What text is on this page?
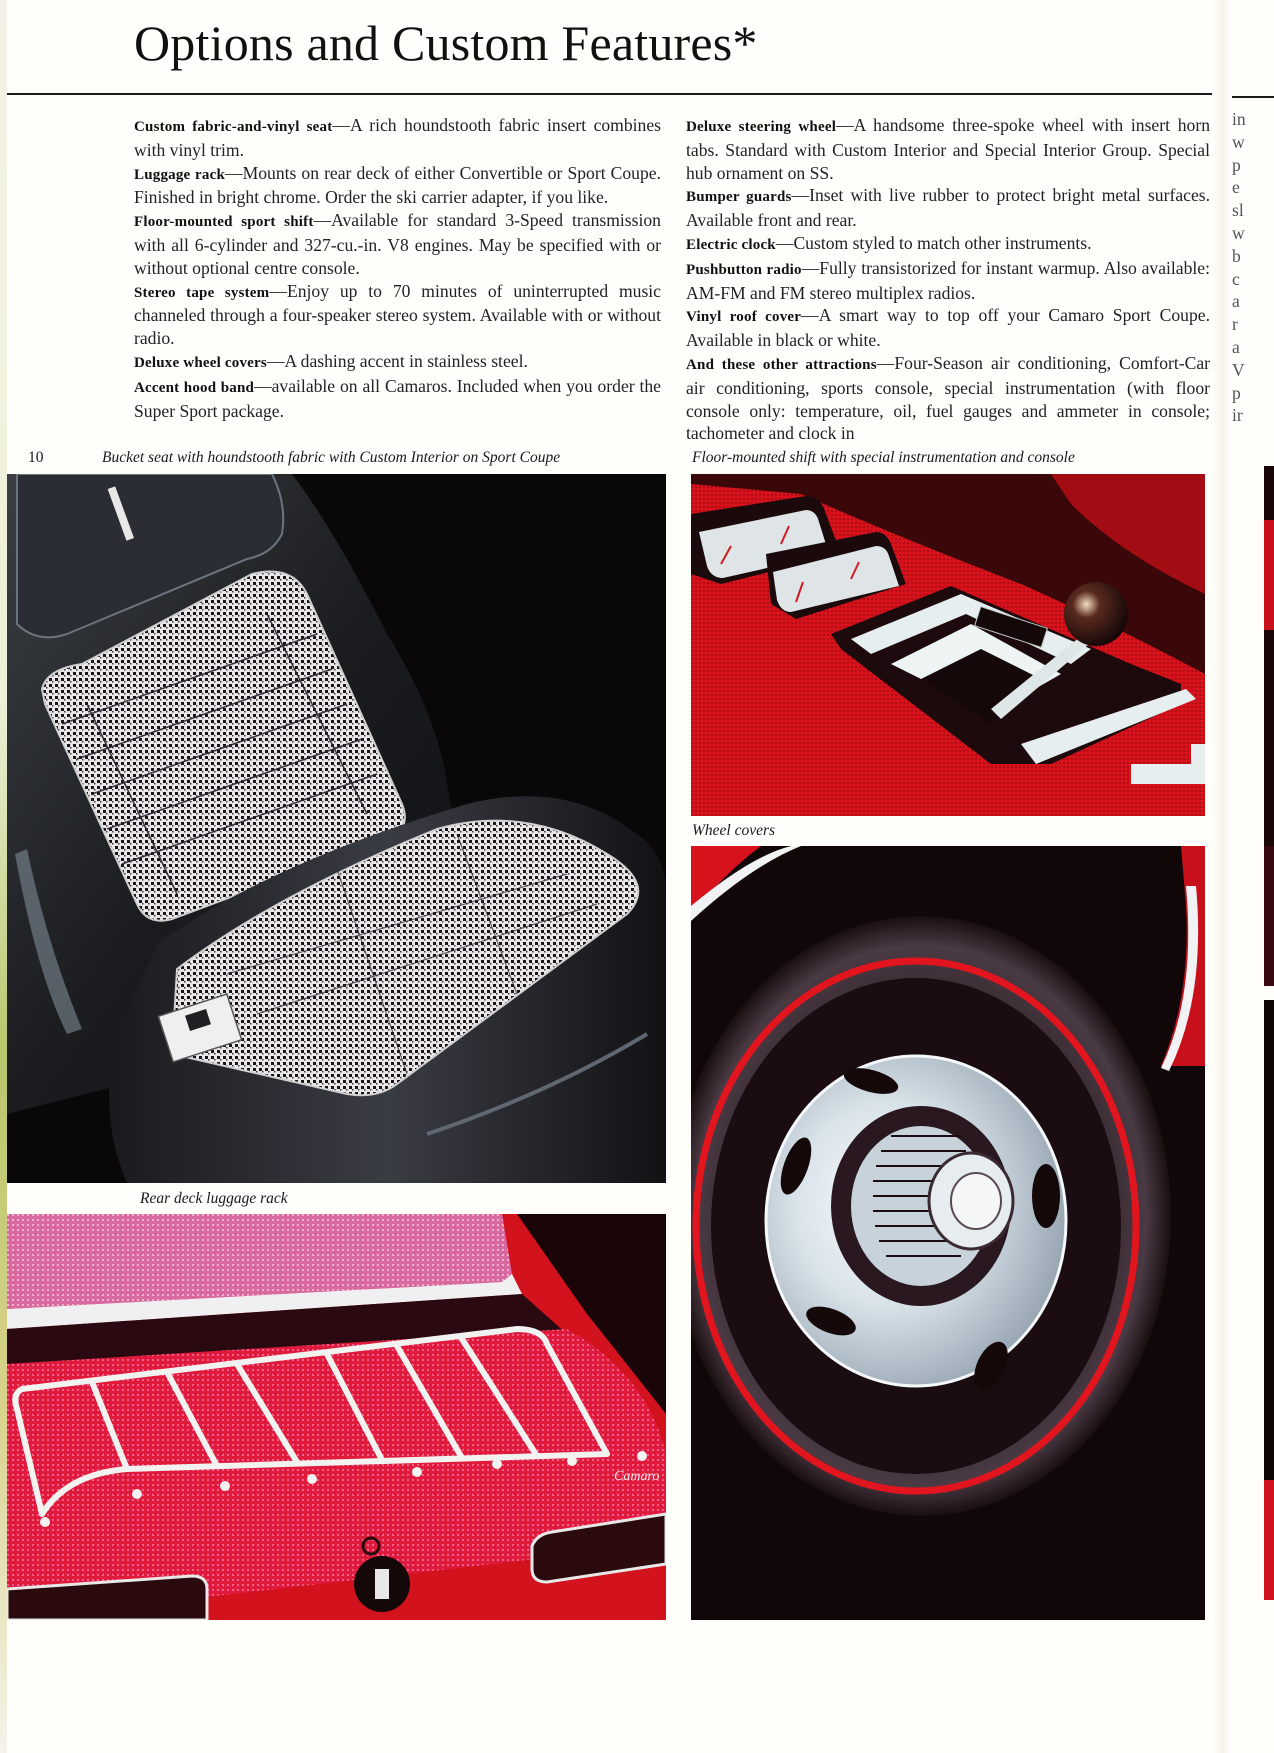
Options and Custom Features*

Custom fabric-and-vinyl seat—A rich houndstooth fabric insert combines with vinyl trim.

Luggage rack—Mounts on rear deck of either Convertible or Sport Coupe. Finished in bright chrome. Order the ski carrier adapter, if you like.

Floor-mounted sport shift—Available for standard 3-Speed transmission with all 6-cylinder and 327-cu.-in. V8 engines. May be specified with or without optional centre console.

Stereo tape system—Enjoy up to 70 minutes of uninterrupted music channeled through a four-speaker stereo system. Available with or without radio.

Deluxe wheel covers—A dashing accent in stainless steel.

Accent hood band—available on all Camaros. Included when you order the Super Sport package.

Deluxe steering wheel—A handsome three-spoke wheel with insert horn tabs. Standard with Custom Interior and Special Interior Group. Special hub ornament on SS.

Bumper guards—Inset with live rubber to protect bright metal surfaces. Available front and rear.

Electric clock—Custom styled to match other instruments.

Pushbutton radio—Fully transistorized for instant warmup. Also available: AM-FM and FM stereo multiplex radios.

Vinyl roof cover—A smart way to top off your Camaro Sport Coupe. Available in black or white.

And these other attractions—Four-Season air conditioning, Comfort-Car air conditioning, sports console, special instrumentation (with floor console only: temperature, oil, fuel gauges and ammeter in console; tachometer and clock in

10	Bucket seat with houndstooth fabric with Custom Interior on Sport Coupe	Floor-mounted shift with special instrumentation and console
Wheel covers
Rear deck luggage rack
Camaro
in
w
p
e
sl
w
b
c
a
r
a
V
p
ir
